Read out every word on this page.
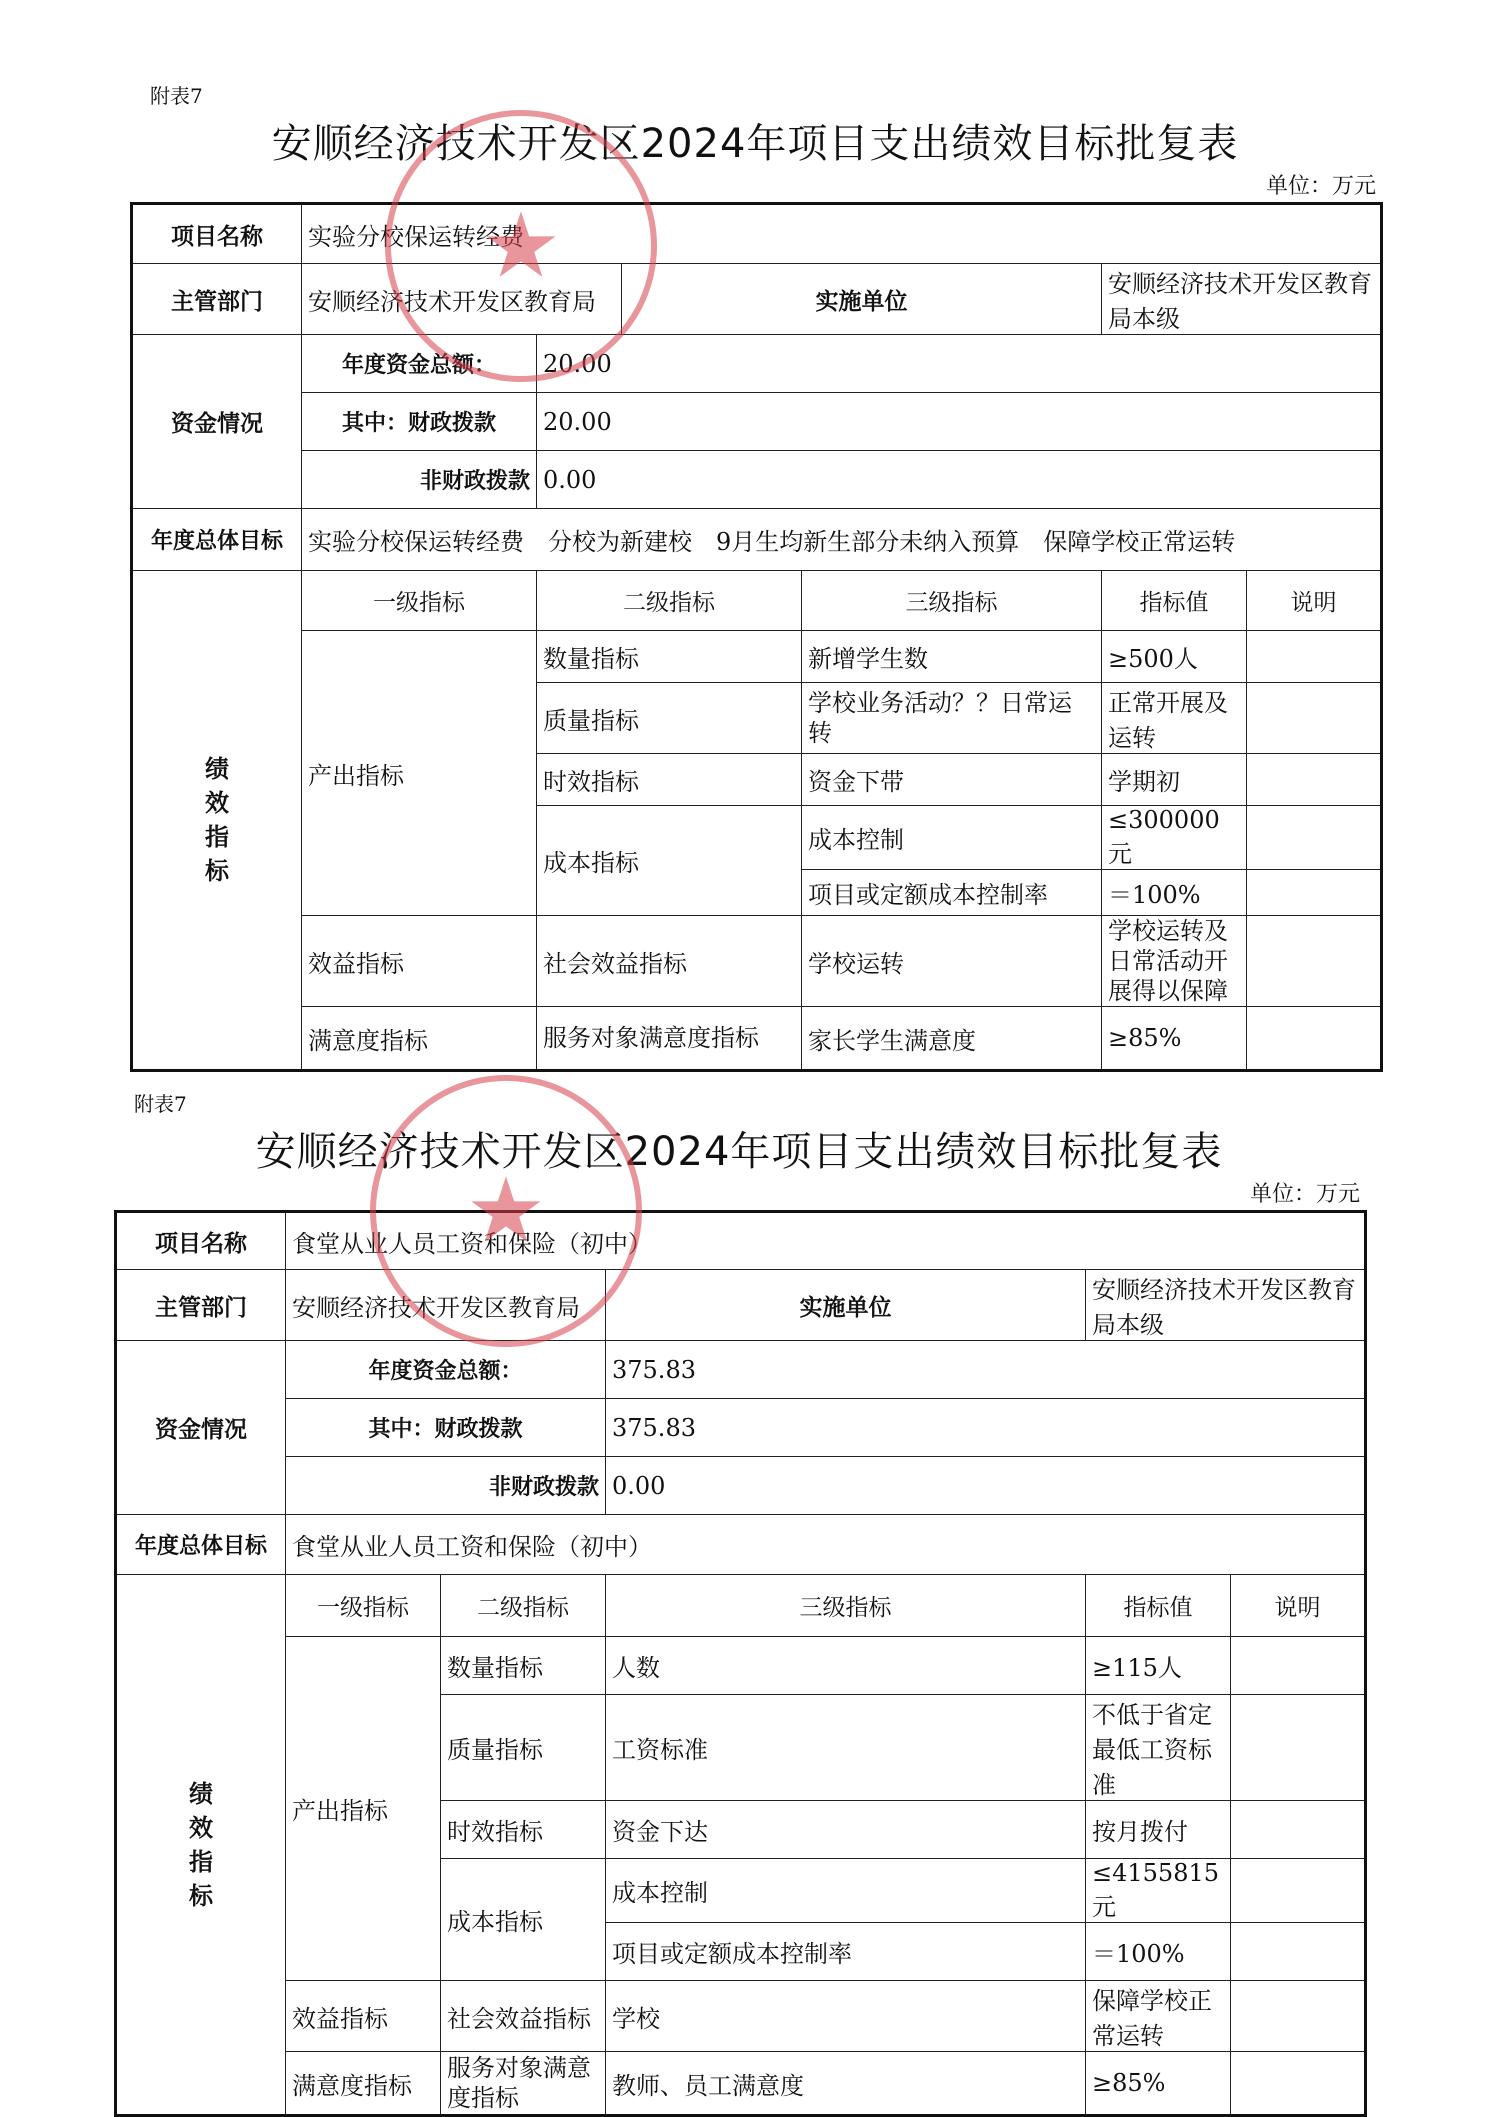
附表7
安顺经济技术开发区2024年项目支出绩效目标批复表
单位：万元
项目名称	实验分校保运转经费					
主管部门	安顺经济技术开发区教育局		实施单位		安顺经济技术开发区教育局本级	
资金情况	年度资金总额：	20.00				
	其中：财政拨款	20.00				
	非财政拨款	0.00				
年度总体目标	实验分校保运转经费　分校为新建校　9月生均新生部分未纳入预算　保障学校正常运转					

绩效指标	一级指标	二级指标		三级指标	指标值	说明
	产出指标	数量指标		新增学生数	≥500人	
		质量指标		学校业务活动？？日常运转	正常开展及运转	
		时效指标		资金下带	学期初	
		成本指标		成本控制	≤300000元	
				项目或定额成本控制率	＝100%	
	效益指标	社会效益指标		学校运转	学校运转及日常活动开展得以保障	
	满意度指标	服务对象满意度指标		家长学生满意度	≥85%	
附表7
安顺经济技术开发区2024年项目支出绩效目标批复表
单位：万元
项目名称	食堂从业人员工资和保险（初中）				
主管部门	安顺经济技术开发区教育局		实施单位	安顺经济技术开发区教育局本级	
资金情况	年度资金总额：		375.83		
	其中：财政拨款		375.83		
	非财政拨款		0.00		
年度总体目标	食堂从业人员工资和保险（初中）				

绩效指标	一级指标	二级指标	三级指标	指标值	说明
	产出指标	数量指标	人数	≥115人	
		质量指标	工资标准	不低于省定最低工资标准	
		时效指标	资金下达	按月拨付	
		成本指标	成本控制	≤4155815元	
			项目或定额成本控制率	＝100%	
	效益指标	社会效益指标	学校	保障学校正常运转	
	满意度指标	服务对象满意度指标	教师、员工满意度	≥85%	
★
★
